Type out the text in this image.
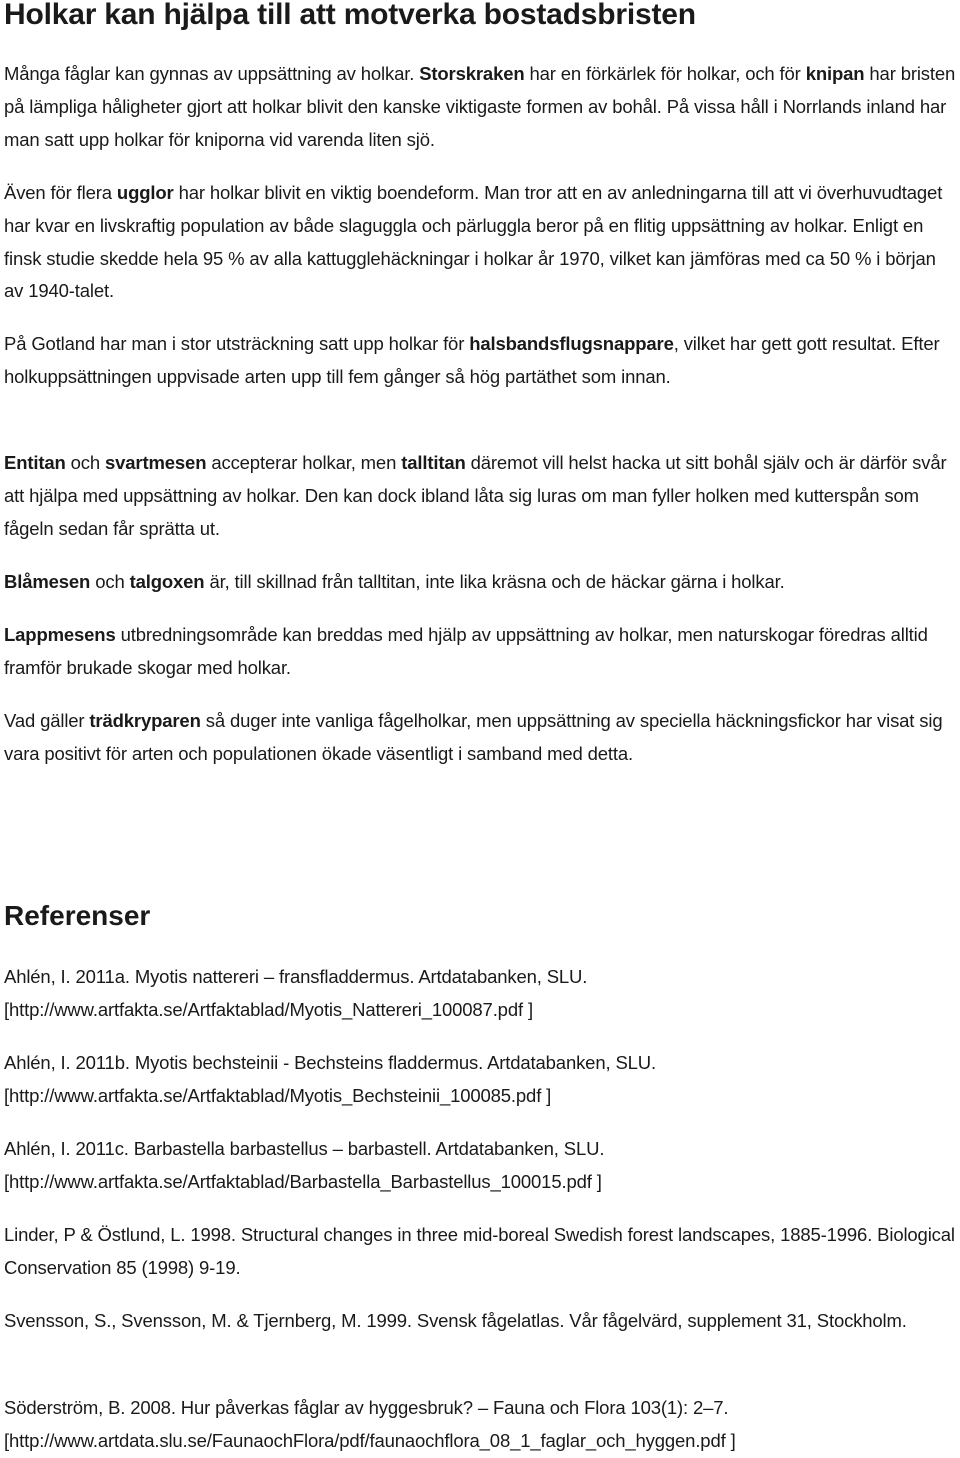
Holkar kan hjälpa till att motverka bostadsbristen

Många fåglar kan gynnas av uppsättning av holkar. Storskraken har en förkärlek för holkar, och för knipan har bristen på lämpliga håligheter gjort att holkar blivit den kanske viktigaste formen av bohål. På vissa håll i Norrlands inland har man satt upp holkar för kniporna vid varenda liten sjö.

Även för flera ugglor har holkar blivit en viktig boendeform. Man tror att en av anledningarna till att vi överhuvudtaget har kvar en livskraftig population av både slaguggla och pärluggla beror på en flitig uppsättning av holkar. Enligt en finsk studie skedde hela 95 % av alla kattugglehäckningar i holkar år 1970, vilket kan jämföras med ca 50 % i början av 1940-talet.

På Gotland har man i stor utsträckning satt upp holkar för halsbandsflugsnappare, vilket har gett gott resultat. Efter holkuppsättningen uppvisade arten upp till fem gånger så hög partäthet som innan.

Entitan och svartmesen accepterar holkar, men talltitan däremot vill helst hacka ut sitt bohål själv och är därför svår att hjälpa med uppsättning av holkar. Den kan dock ibland låta sig luras om man fyller holken med kutterspån som fågeln sedan får sprätta ut.

Blåmesen och talgoxen är, till skillnad från talltitan, inte lika kräsna och de häckar gärna i holkar.

Lappmesens utbredningsområde kan breddas med hjälp av uppsättning av holkar, men naturskogar föredras alltid framför brukade skogar med holkar.

Vad gäller trädkryparen så duger inte vanliga fågelholkar, men uppsättning av speciella häckningsfickor har visat sig vara positivt för arten och populationen ökade väsentligt i samband med detta.

Referenser

Ahlén, I. 2011a. Myotis nattereri – fransfladdermus. Artdatabanken, SLU. [http://www.artfakta.se/Artfaktablad/Myotis_Nattereri_100087.pdf ]

Ahlén, I. 2011b. Myotis bechsteinii - Bechsteins fladdermus. Artdatabanken, SLU. [http://www.artfakta.se/Artfaktablad/Myotis_Bechsteinii_100085.pdf ]

Ahlén, I. 2011c. Barbastella barbastellus – barbastell. Artdatabanken, SLU. [http://www.artfakta.se/Artfaktablad/Barbastella_Barbastellus_100015.pdf ]

Linder, P & Östlund, L. 1998. Structural changes in three mid-boreal Swedish forest landscapes, 1885-1996. Biological Conservation 85 (1998) 9-19.

Svensson, S., Svensson, M. & Tjernberg, M. 1999. Svensk fågelatlas. Vår fågelvärd, supplement 31, Stockholm.

Söderström, B. 2008. Hur påverkas fåglar av hyggesbruk? – Fauna och Flora 103(1): 2–7. [http://www.artdata.slu.se/FaunaochFlora/pdf/faunaochflora_08_1_faglar_och_hyggen.pdf ]
